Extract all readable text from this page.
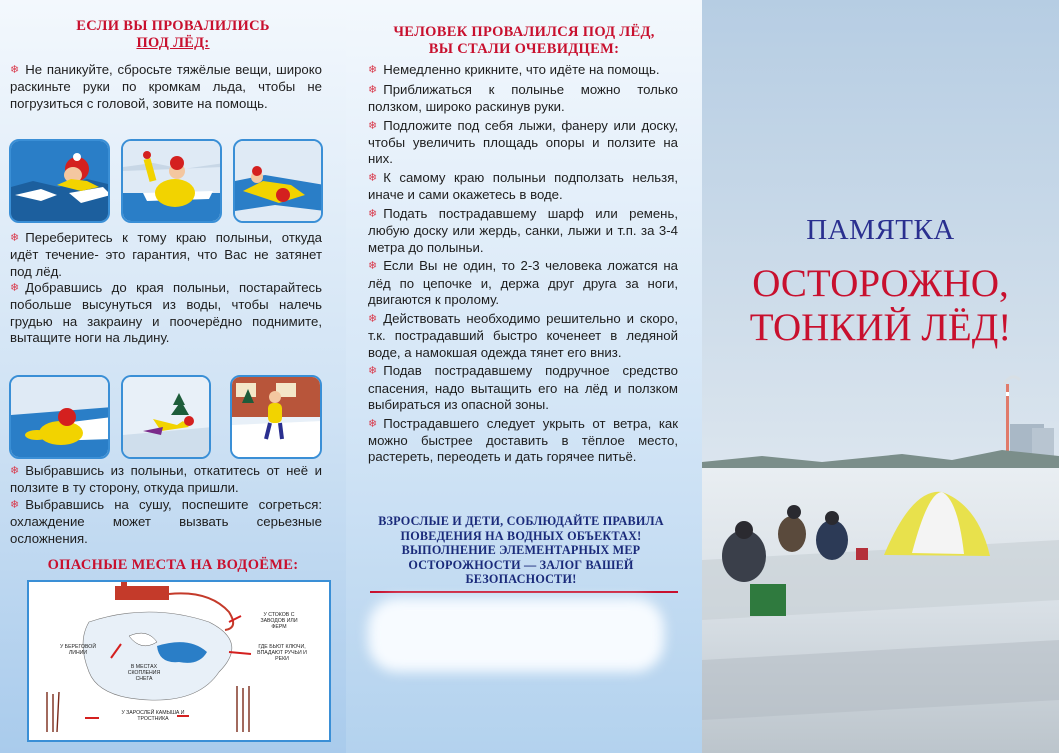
ЕСЛИ ВЫ ПРОВАЛИЛИСЬ
ПОД ЛЁД:

❄ Не паникуйте, сбросьте тяжёлые вещи, широко раскиньте руки по кромкам льда, чтобы не погрузиться с головой, зовите на помощь.

❄ Переберитесь к тому краю полыньи, откуда идёт течение- это гарантия, что Вас не затянет под лёд.

❄ Добравшись до края полыньи, постарайтесь побольше высунуться из воды, чтобы налечь грудью на закраину и поочерёдно поднимите, вытащите ноги на льдину.

❄ Выбравшись из полыньи, откатитесь от неё и ползите в ту сторону, откуда пришли.

❄ Выбравшись на сушу, поспешите согреться: охлаждение может вызвать серьезные осложнения.

ОПАСНЫЕ МЕСТА НА ВОДОЁМЕ:
У СТОКОВ С ЗАВОДОВ ИЛИ ФЕРМ
У БЕРЕГОВОЙ ЛИНИИ
ГДЕ БЬЮТ КЛЮЧИ, ВПАДАЮТ РУЧЬИ И РЕКИ
В МЕСТАХ СКОПЛЕНИЯ СНЕГА
У ЗАРОСЛЕЙ КАМЫША И ТРОСТНИКА
ЧЕЛОВЕК ПРОВАЛИЛСЯ ПОД ЛЁД,
ВЫ СТАЛИ ОЧЕВИДЦЕМ:

❄ Немедленно крикните, что идёте на помощь.

❄ Приближаться к полынье можно только ползком, широко раскинув руки.

❄ Подложите под себя лыжи, фанеру или доску, чтобы увеличить площадь опоры и ползите на них.

❄ К самому краю полыньи подползать нельзя, иначе и сами окажетесь в воде.

❄ Подать пострадавшему шарф или ремень, любую доску или жердь, санки, лыжи и т.п. за 3-4 метра до полыньи.

❄ Если Вы не один, то 2-3 человека ложатся на лёд по цепочке и, держа друг друга за ноги, двигаются к пролому.

❄ Действовать необходимо решительно и скоро, т.к. пострадавший быстро коченеет в ледяной воде, а намокшая одежда тянет его вниз.

❄ Подав пострадавшему подручное средство спасения, надо вытащить его на лёд и ползком выбираться из опасной зоны.

❄ Пострадавшего следует укрыть от ветра, как можно быстрее доставить в тёплое место, растереть, переодеть и дать горячее питьё.

ВЗРОСЛЫЕ И ДЕТИ, СОБЛЮДАЙТЕ ПРАВИЛА
ПОВЕДЕНИЯ НА ВОДНЫХ ОБЪЕКТАХ!
ВЫПОЛНЕНИЕ ЭЛЕМЕНТАРНЫХ МЕР
ОСТОРОЖНОСТИ — ЗАЛОГ ВАШЕЙ
БЕЗОПАСНОСТИ!
ПАМЯТКА
ОСТОРОЖНО,
ТОНКИЙ ЛЁД!
